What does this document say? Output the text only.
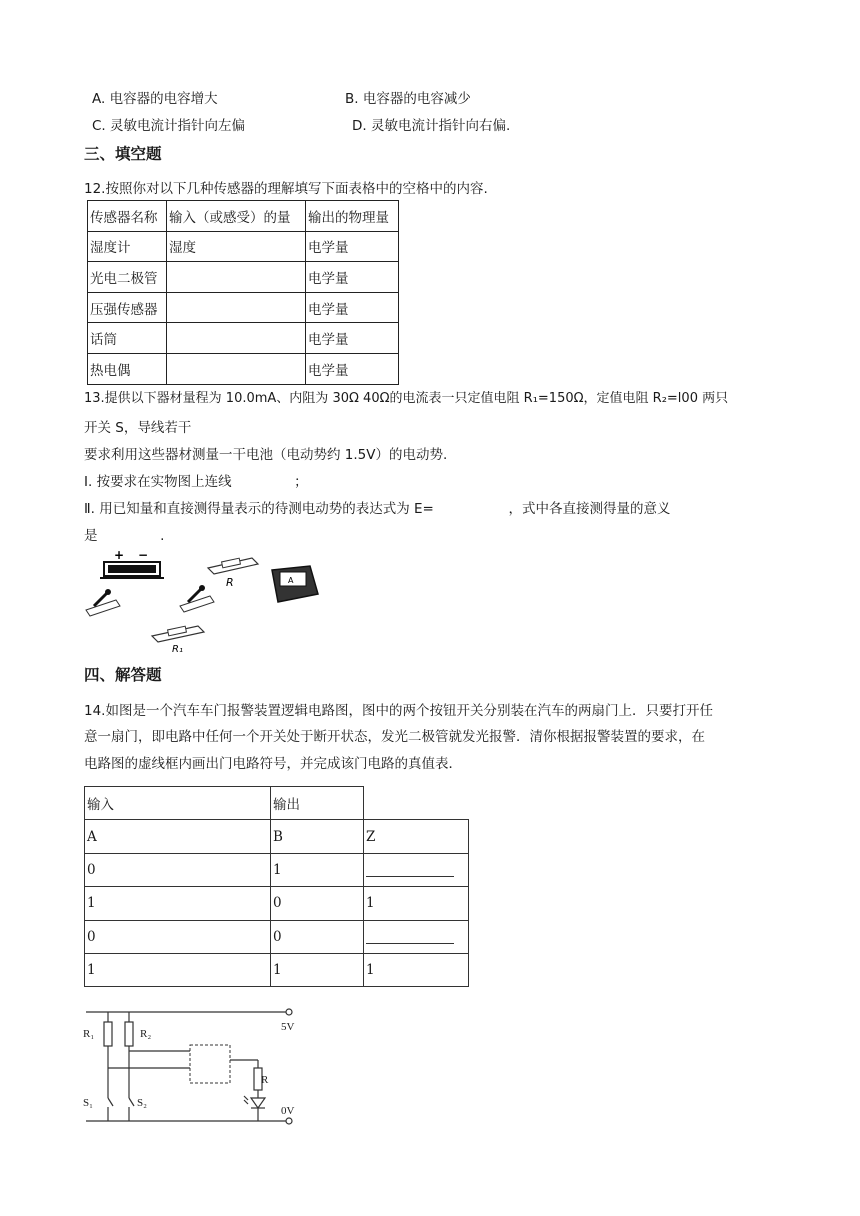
A. 电容器的电容增大	B. 电容器的电容减少
C. 灵敏电流计指针向左偏	D. 灵敏电流计指针向右偏.
三、填空题
12.按照你对以下几种传感器的理解填写下面表格中的空格中的内容.
传感器名称	输入（或感受）的量	输出的物理量
湿度计	湿度	电学量
光电二极管		电学量
压强传感器		电学量
话筒		电学量
热电偶		电学量
13.提供以下器材量程为 10.0mA、内阻为 30Ω 40Ω的电流表一只定值电阻 R₁=150Ω，定值电阻 R₂=l00 两只
开关 S，导线若干
要求利用这些器材测量一干电池（电动势约 1.5V）的电动势.
Ⅰ. 按要求在实物图上连线	；
Ⅱ. 用已知量和直接测得量表示的待测电动势的表达式为 E=	，式中各直接测得量的意义
是	.
+ −
R	A
R₁
四、解答题
14.如图是一个汽车车门报警装置逻辑电路图，图中的两个按钮开关分别装在汽车的两扇门上．只要打开任
意一扇门，即电路中任何一个开关处于断开状态，发光二极管就发光报警．清你根据报警装置的要求，在
电路图的虚线框内画出门电路符号，并完成该门电路的真值表．
输入	输出	
A	B	Z
0	1	
1	0	1
0	0	
1	1	1
R₁	R₂
R
S₁	S₂
5V
0V
